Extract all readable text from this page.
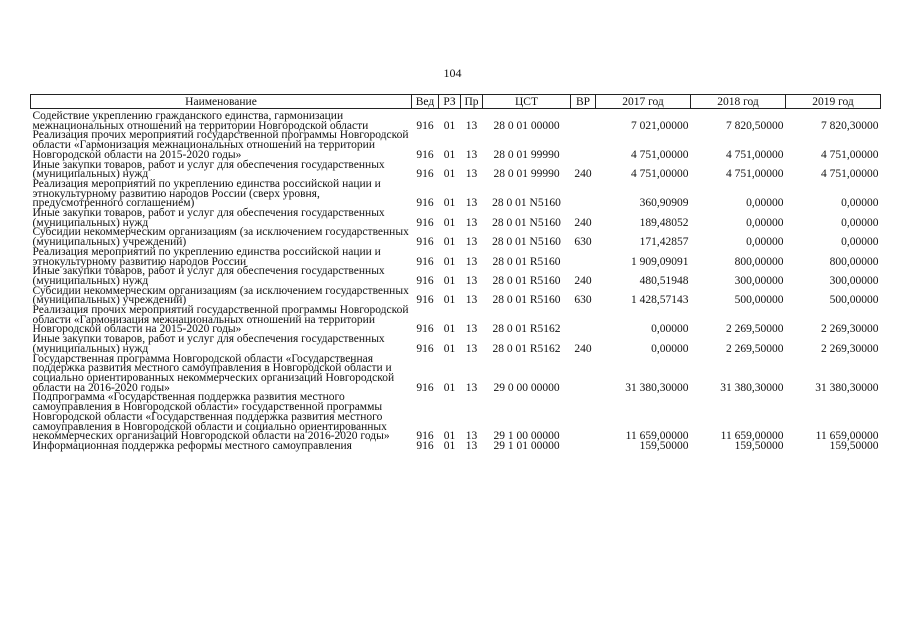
104
Наименование	Вед	РЗ	Пр	ЦСТ	ВР	2017 год	2018 год	2019 год
Содействие укреплению гражданского единства, гармонизации межнациональных отношений на территории Новгородской области	916	01	13	28 0 01 00000		7 021,00000	7 820,50000	7 820,30000
Реализация прочих мероприятий государственной программы Новгородской области «Гармонизация межнациональных отношений на территории Новгородской области на 2015-2020 годы»	916	01	13	28 0 01 99990		4 751,00000	4 751,00000	4 751,00000
Иные закупки товаров, работ и услуг для обеспечения государственных (муниципальных) нужд	916	01	13	28 0 01 99990	240	4 751,00000	4 751,00000	4 751,00000
Реализация мероприятий по укреплению единства российской нации и этнокультурному развитию народов России (сверх уровня, предусмотренного соглашением)	916	01	13	28 0 01 N5160		360,90909	0,00000	0,00000
Иные закупки товаров, работ и услуг для обеспечения государственных (муниципальных) нужд	916	01	13	28 0 01 N5160	240	189,48052	0,00000	0,00000
Субсидии некоммерческим организациям (за исключением государственных (муниципальных) учреждений)	916	01	13	28 0 01 N5160	630	171,42857	0,00000	0,00000
Реализация мероприятий по укреплению единства российской нации и этнокультурному развитию народов России	916	01	13	28 0 01 R5160		1 909,09091	800,00000	800,00000
Иные закупки товаров, работ и услуг для обеспечения государственных (муниципальных) нужд	916	01	13	28 0 01 R5160	240	480,51948	300,00000	300,00000
Субсидии некоммерческим организациям (за исключением государственных (муниципальных) учреждений)	916	01	13	28 0 01 R5160	630	1 428,57143	500,00000	500,00000
Реализация прочих мероприятий государственной программы Новгородской области «Гармонизация межнациональных отношений на территории Новгородской области на 2015-2020 годы»	916	01	13	28 0 01 R5162		0,00000	2 269,50000	2 269,30000
Иные закупки товаров, работ и услуг для обеспечения государственных (муниципальных) нужд	916	01	13	28 0 01 R5162	240	0,00000	2 269,50000	2 269,30000
Государственная программа Новгородской области «Государственная поддержка развития местного самоуправления в Новгородской области и социально ориентированных некоммерческих организаций Новгородской области на 2016-2020 годы»	916	01	13	29 0 00 00000		31 380,30000	31 380,30000	31 380,30000
Подпрограмма «Государственная поддержка развития местного самоуправления в Новгородской области» государственной программы Новгородской области «Государственная поддержка развития местного самоуправления в Новгородской области и социально ориентированных некоммерческих организаций Новгородской области на 2016-2020 годы»	916	01	13	29 1 00 00000		11 659,00000	11 659,00000	11 659,00000
Информационная поддержка реформы местного самоуправления	916	01	13	29 1 01 00000		159,50000	159,50000	159,50000
